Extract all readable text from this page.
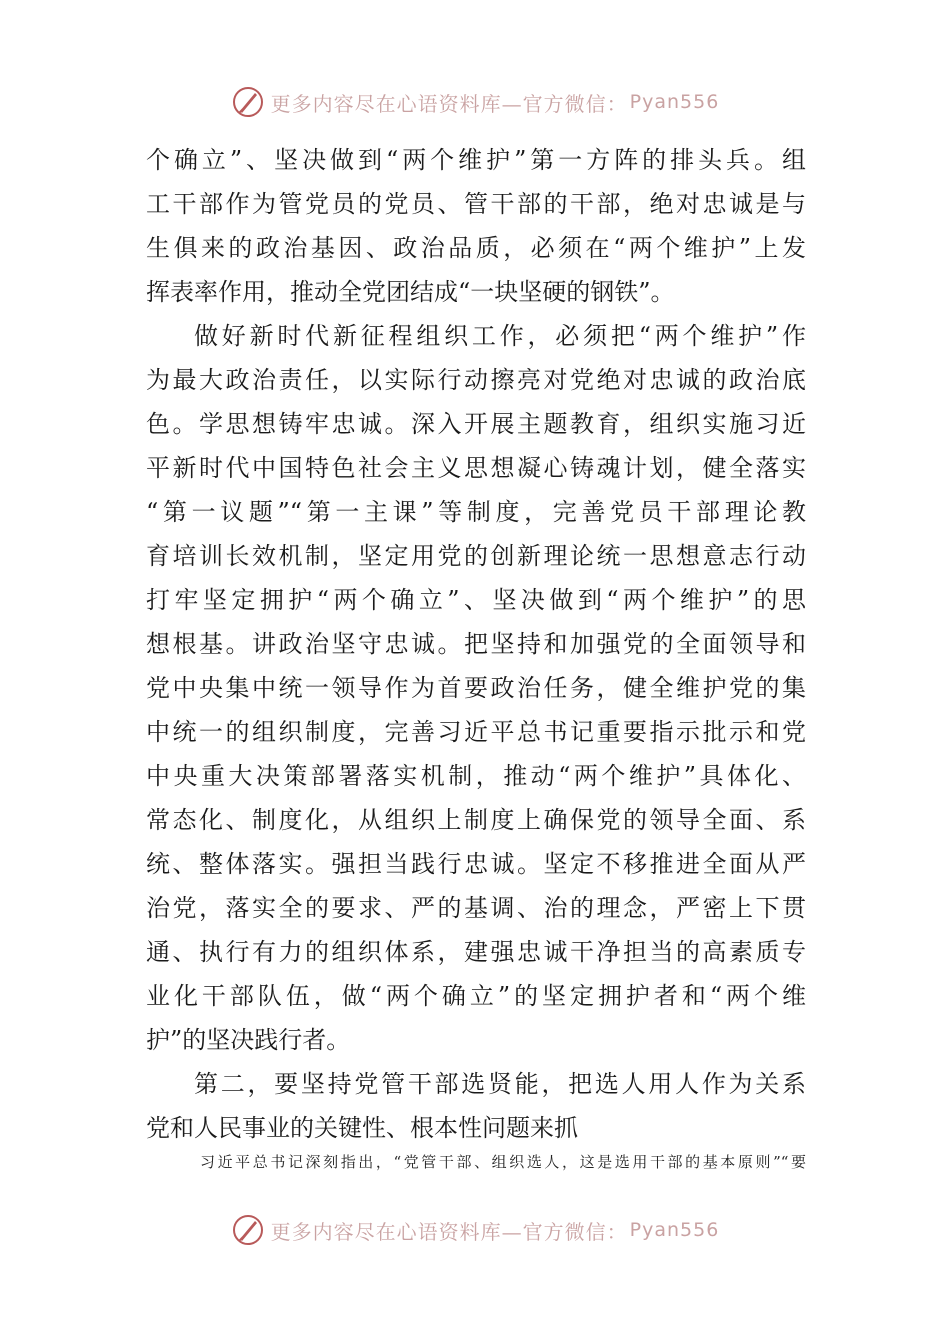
更多内容尽在心语资料库—官方微信： Pyan556
个确立”、坚决做到“两个维护”第一方阵的排头兵。组
工干部作为管党员的党员、管干部的干部，绝对忠诚是与
生俱来的政治基因、政治品质，必须在“两个维护”上发
挥表率作用，推动全党团结成“一块坚硬的钢铁”。
做好新时代新征程组织工作，必须把“两个维护”作
为最大政治责任，以实际行动擦亮对党绝对忠诚的政治底
色。学思想铸牢忠诚。深入开展主题教育，组织实施习近
平新时代中国特色社会主义思想凝心铸魂计划，健全落实
“第一议题”“第一主课”等制度，完善党员干部理论教
育培训长效机制，坚定用党的创新理论统一思想意志行动
打牢坚定拥护“两个确立”、坚决做到“两个维护”的思
想根基。讲政治坚守忠诚。把坚持和加强党的全面领导和
党中央集中统一领导作为首要政治任务，健全维护党的集
中统一的组织制度，完善习近平总书记重要指示批示和党
中央重大决策部署落实机制，推动“两个维护”具体化、
常态化、制度化，从组织上制度上确保党的领导全面、系
统、整体落实。强担当践行忠诚。坚定不移推进全面从严
治党，落实全的要求、严的基调、治的理念，严密上下贯
通、执行有力的组织体系，建强忠诚干净担当的高素质专
业化干部队伍，做“两个确立”的坚定拥护者和“两个维
护”的坚决践行者。
第二，要坚持党管干部选贤能，把选人用人作为关系
党和人民事业的关键性、根本性问题来抓
习近平总书记深刻指出，“党管干部、组织选人，这是选用干部的基本原则”“要
更多内容尽在心语资料库—官方微信： Pyan556
